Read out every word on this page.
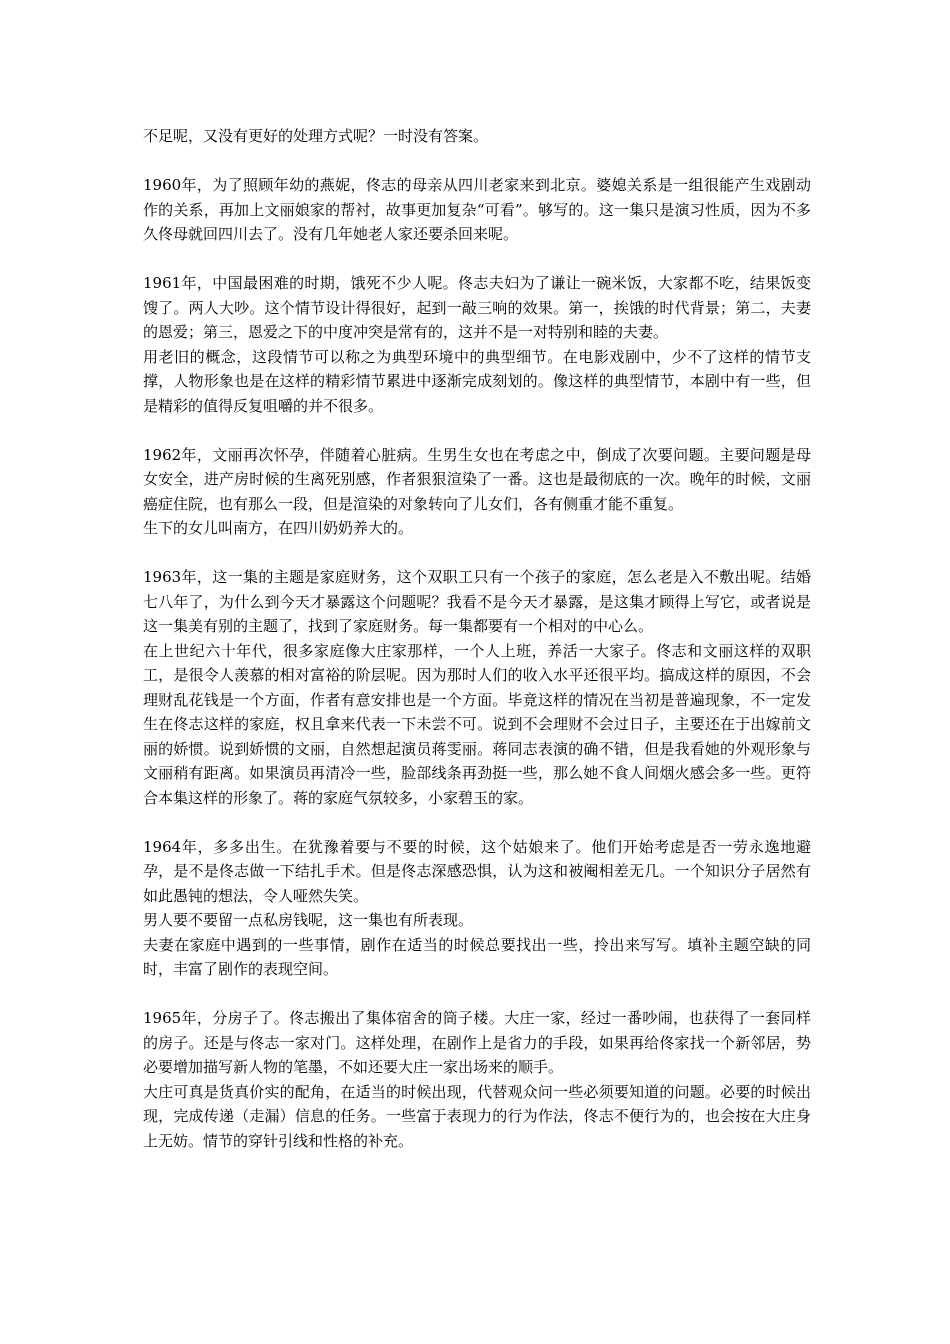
不足呢，又没有更好的处理方式呢？一时没有答案。

1960年，为了照顾年幼的燕妮，佟志的母亲从四川老家来到北京。婆媳关系是一组很能产生戏剧动作的关系，再加上文丽娘家的帮衬，故事更加复杂“可看”。够写的。这一集只是演习性质，因为不多久佟母就回四川去了。没有几年她老人家还要杀回来呢。

1961年，中国最困难的时期，饿死不少人呢。佟志夫妇为了谦让一碗米饭，大家都不吃，结果饭变馊了。两人大吵。这个情节设计得很好，起到一敲三响的效果。第一，挨饿的时代背景；第二，夫妻的恩爱；第三，恩爱之下的中度冲突是常有的，这并不是一对特别和睦的夫妻。

用老旧的概念，这段情节可以称之为典型环境中的典型细节。在电影戏剧中，少不了这样的情节支撑，人物形象也是在这样的精彩情节累进中逐渐完成刻划的。像这样的典型情节，本剧中有一些，但是精彩的值得反复咀嚼的并不很多。

1962年，文丽再次怀孕，伴随着心脏病。生男生女也在考虑之中，倒成了次要问题。主要问题是母女安全，进产房时候的生离死别感，作者狠狠渲染了一番。这也是最彻底的一次。晚年的时候，文丽癌症住院，也有那么一段，但是渲染的对象转向了儿女们，各有侧重才能不重复。

生下的女儿叫南方，在四川奶奶养大的。

1963年，这一集的主题是家庭财务，这个双职工只有一个孩子的家庭，怎么老是入不敷出呢。结婚七八年了，为什么到今天才暴露这个问题呢？我看不是今天才暴露，是这集才顾得上写它，或者说是这一集美有别的主题了，找到了家庭财务。每一集都要有一个相对的中心么。

在上世纪六十年代，很多家庭像大庄家那样，一个人上班，养活一大家子。佟志和文丽这样的双职工，是很令人羡慕的相对富裕的阶层呢。因为那时人们的收入水平还很平均。搞成这样的原因，不会理财乱花钱是一个方面，作者有意安排也是一个方面。毕竟这样的情况在当初是普遍现象，不一定发生在佟志这样的家庭，权且拿来代表一下未尝不可。说到不会理财不会过日子，主要还在于出嫁前文丽的娇惯。说到娇惯的文丽，自然想起演员蒋雯丽。蒋同志表演的确不错，但是我看她的外观形象与文丽稍有距离。如果演员再清冷一些，脸部线条再劲挺一些，那么她不食人间烟火感会多一些。更符合本集这样的形象了。蒋的家庭气氛较多，小家碧玉的家。

1964年，多多出生。在犹豫着要与不要的时候，这个姑娘来了。他们开始考虑是否一劳永逸地避孕，是不是佟志做一下结扎手术。但是佟志深感恐惧，认为这和被阉相差无几。一个知识分子居然有如此愚钝的想法，令人哑然失笑。

男人要不要留一点私房钱呢，这一集也有所表现。

夫妻在家庭中遇到的一些事情，剧作在适当的时候总要找出一些，拎出来写写。填补主题空缺的同时，丰富了剧作的表现空间。

1965年，分房子了。佟志搬出了集体宿舍的筒子楼。大庄一家，经过一番吵闹，也获得了一套同样的房子。还是与佟志一家对门。这样处理，在剧作上是省力的手段，如果再给佟家找一个新邻居，势必要增加描写新人物的笔墨，不如还要大庄一家出场来的顺手。

大庄可真是货真价实的配角，在适当的时候出现，代替观众问一些必须要知道的问题。必要的时候出现，完成传递（走漏）信息的任务。一些富于表现力的行为作法，佟志不便行为的，也会按在大庄身上无妨。情节的穿针引线和性格的补充。
